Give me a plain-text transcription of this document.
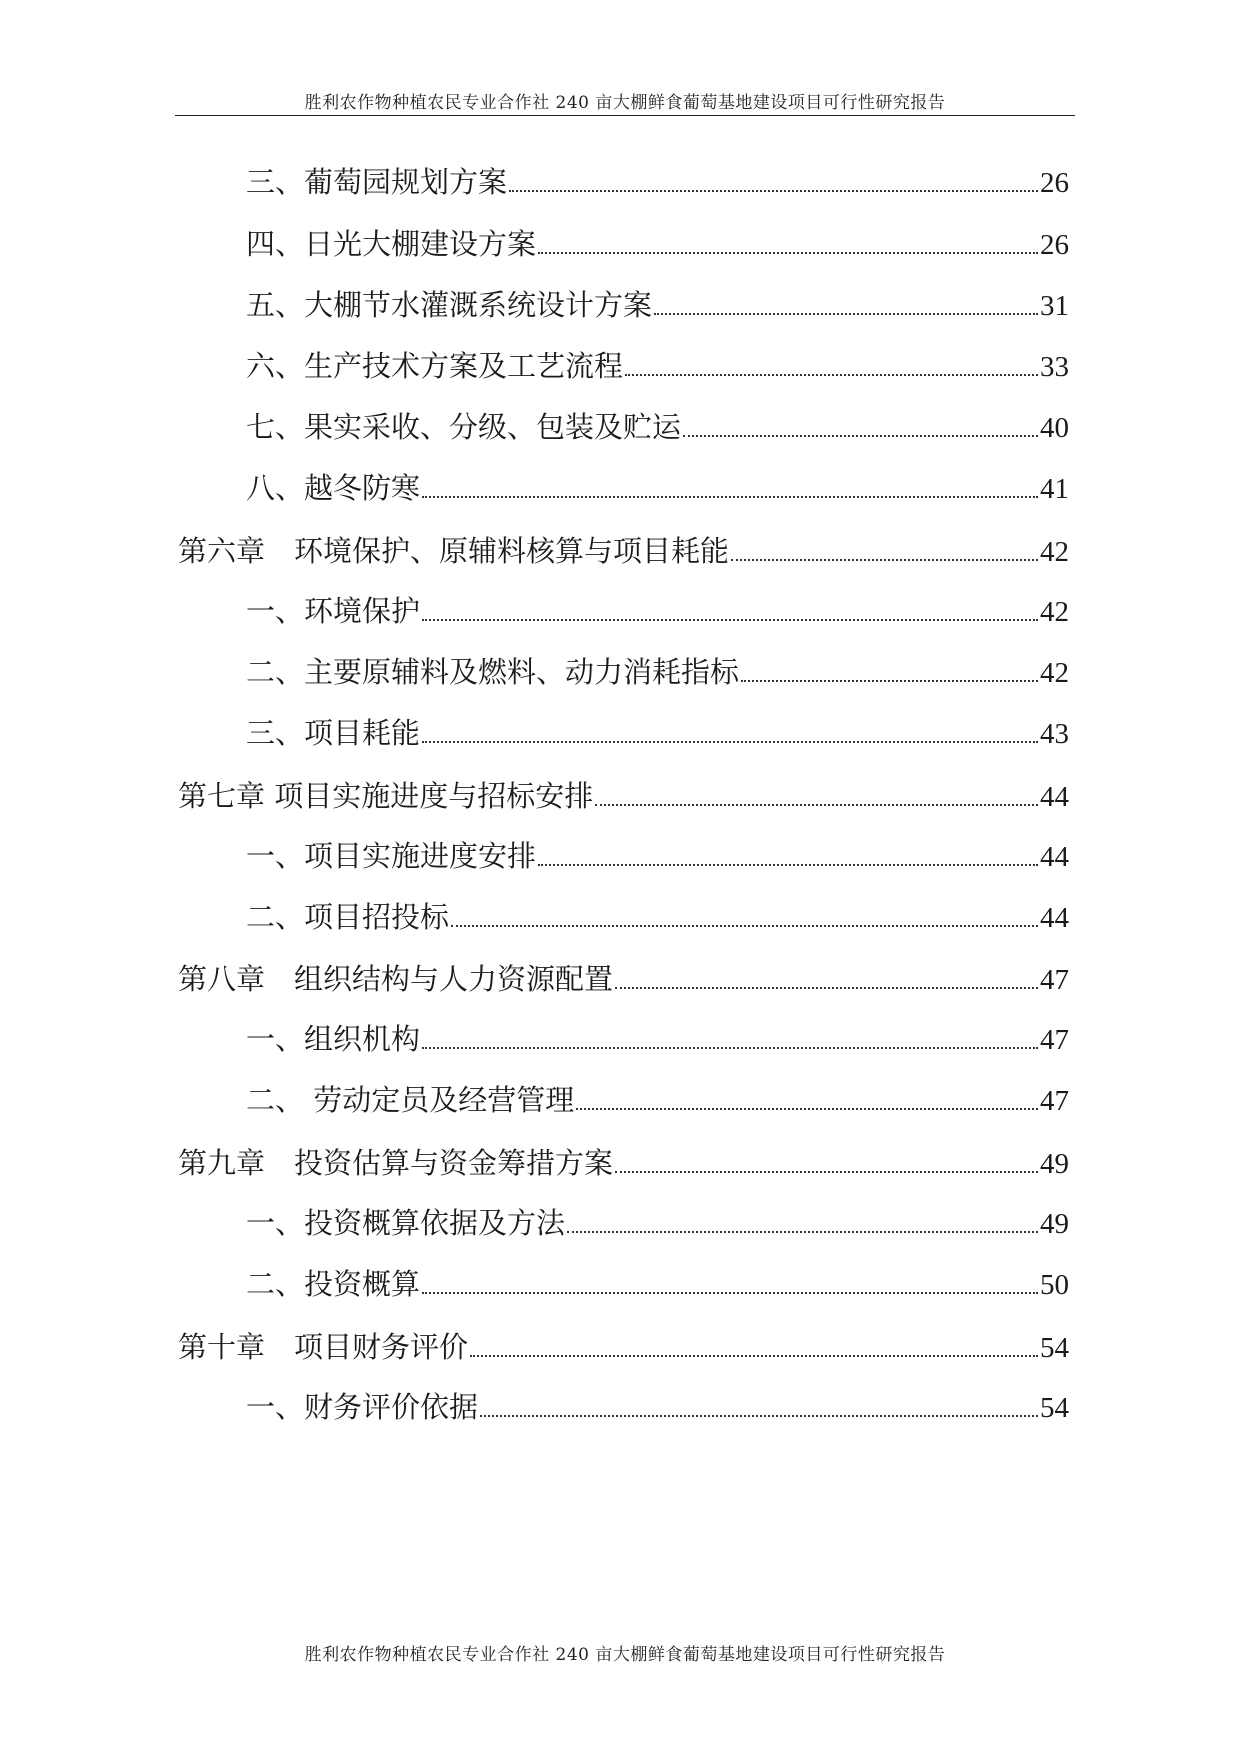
胜利农作物种植农民专业合作社 240 亩大棚鲜食葡萄基地建设项目可行性研究报告
三、葡萄园规划方案	26
四、日光大棚建设方案	26
五、大棚节水灌溉系统设计方案	31
六、生产技术方案及工艺流程	33
七、果实采收、分级、包装及贮运	40
八、越冬防寒	41
第六章　环境保护、原辅料核算与项目耗能	42
一、环境保护	42
二、主要原辅料及燃料、动力消耗指标	42
三、项目耗能	43
第七章 项目实施进度与招标安排	44
一、项目实施进度安排	44
二、项目招投标	44
第八章　组织结构与人力资源配置	47
一、组织机构	47
二、 劳动定员及经营管理	47
第九章　投资估算与资金筹措方案	49
一、投资概算依据及方法	49
二、投资概算	50
第十章　项目财务评价	54
一、财务评价依据	54
胜利农作物种植农民专业合作社 240 亩大棚鲜食葡萄基地建设项目可行性研究报告
